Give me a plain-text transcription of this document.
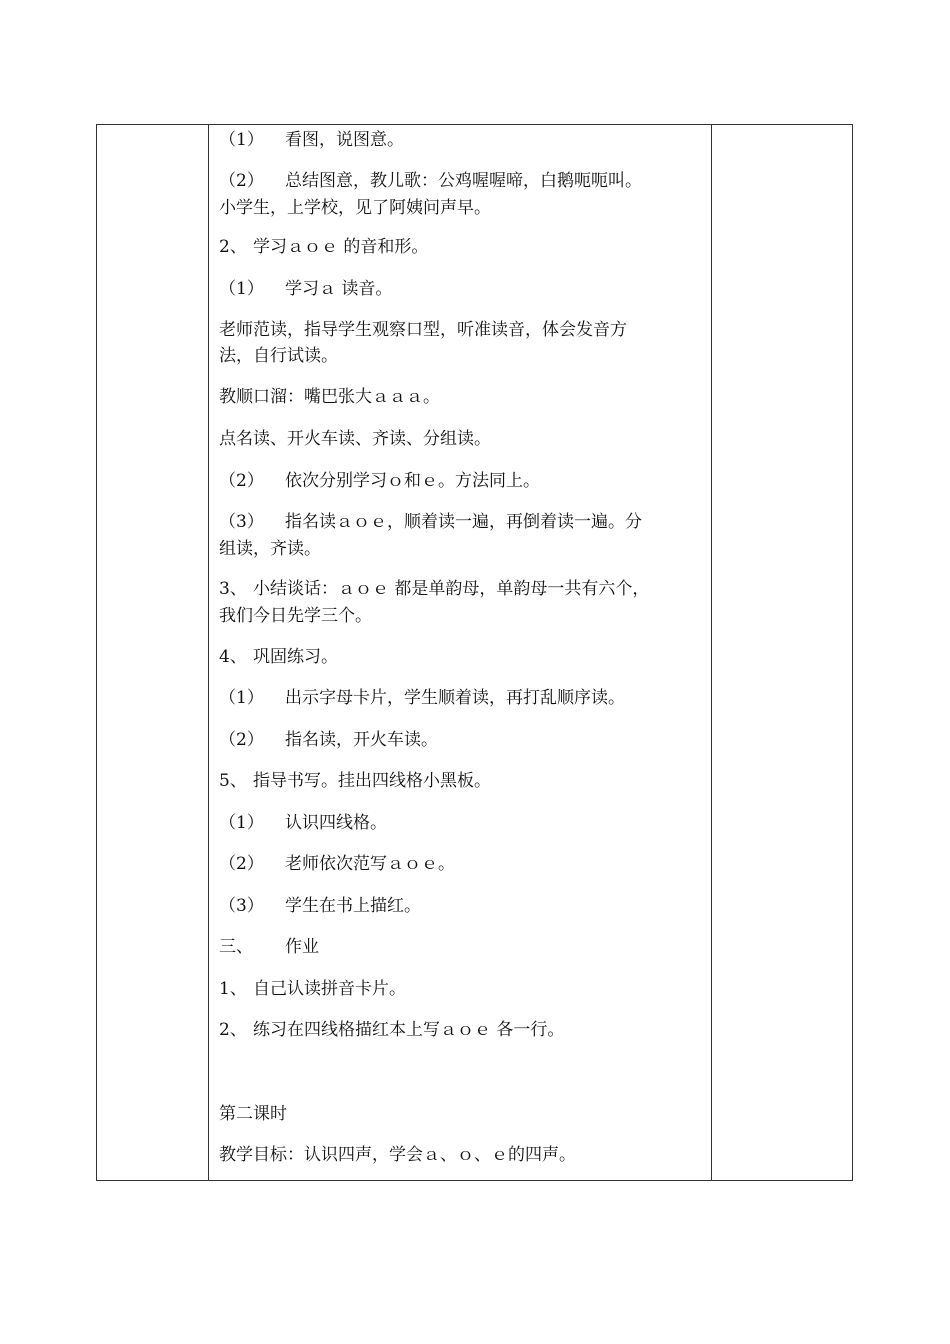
（1） 看图，说图意。
（2） 总结图意，教儿歌：公鸡喔喔啼，白鹅呃呃叫。
小学生，上学校，见了阿姨问声早。
2、 学习ａｏｅ 的音和形。
（1） 学习ａ 读音。
老师范读，指导学生观察口型，听准读音，体会发音方
法，自行试读。
教顺口溜：嘴巴张大ａａａ。
点名读、开火车读、齐读、分组读。
（2） 依次分别学习ｏ和ｅ。方法同上。
（3） 指名读ａｏｅ，顺着读一遍，再倒着读一遍。分
组读，齐读。
3、 小结谈话：ａｏｅ 都是单韵母，单韵母一共有六个，
我们今日先学三个。
4、 巩固练习。
（1） 出示字母卡片，学生顺着读，再打乱顺序读。
（2） 指名读，开火车读。
5、 指导书写。挂出四线格小黑板。
（1） 认识四线格。
（2） 老师依次范写ａｏｅ。
（3） 学生在书上描红。
三、 作业
1、 自己认读拼音卡片。
2、 练习在四线格描红本上写ａｏｅ 各一行。
第二课时
教学目标：认识四声，学会ａ、ｏ、ｅ的四声。
